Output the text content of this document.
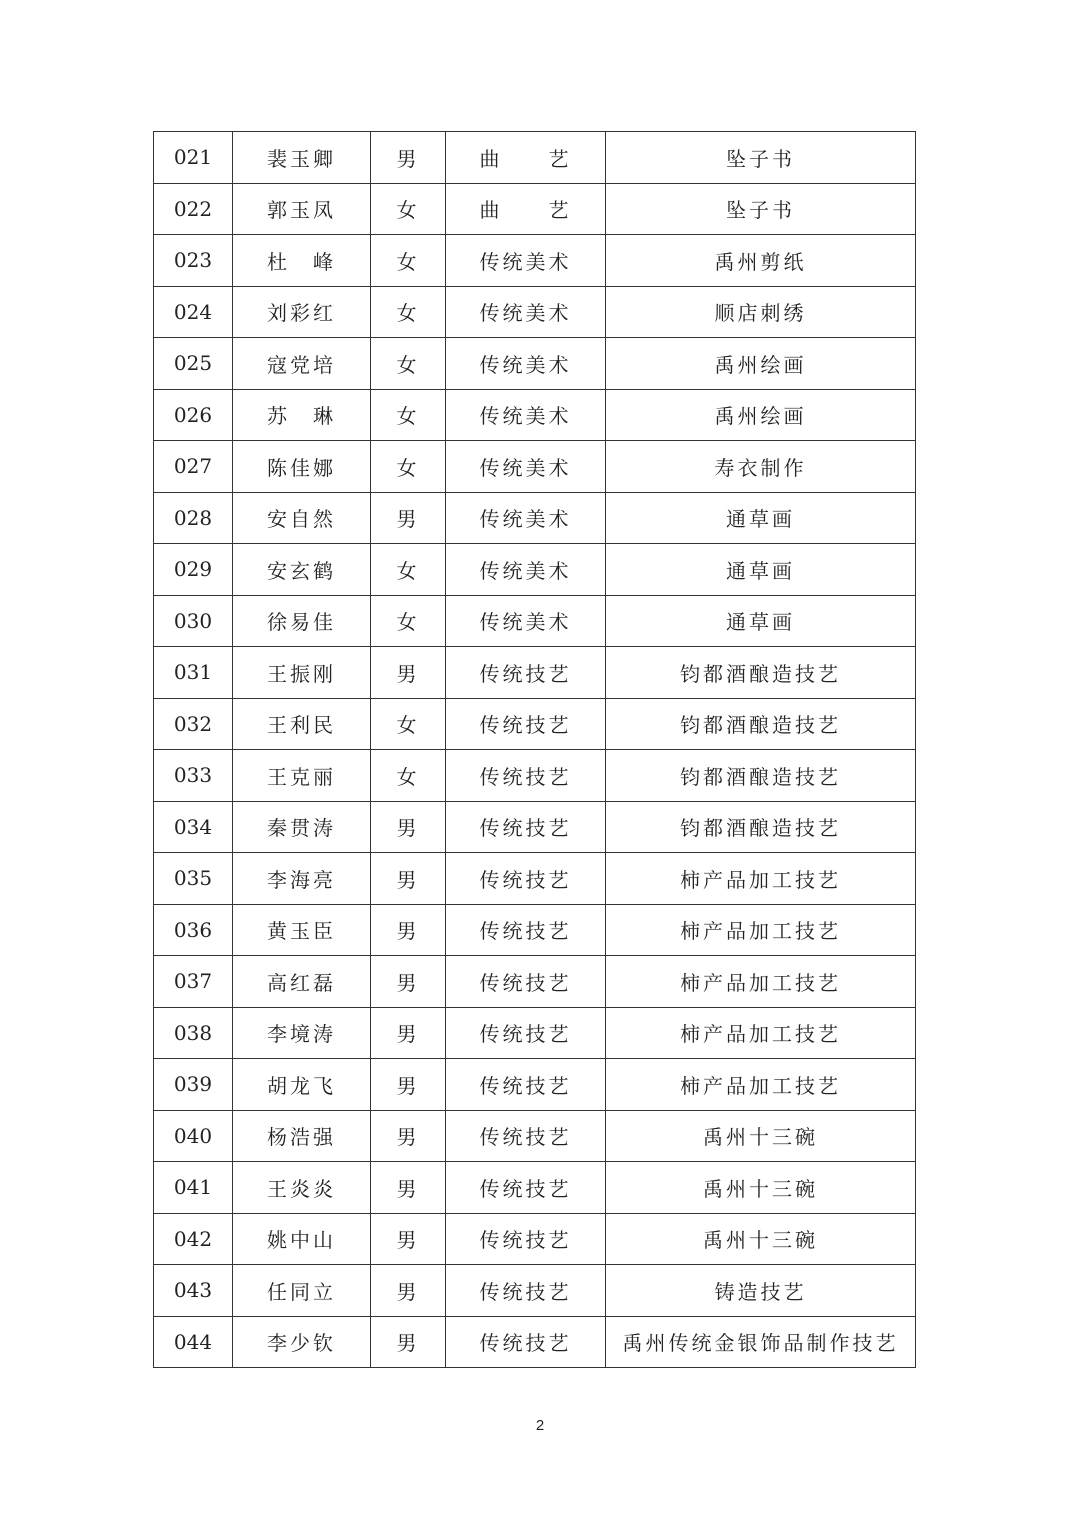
021	裴玉卿	男	曲　　艺	坠子书
022	郭玉凤	女	曲　　艺	坠子书
023	杜　峰	女	传统美术	禹州剪纸
024	刘彩红	女	传统美术	顺店刺绣
025	寇党培	女	传统美术	禹州绘画
026	苏　琳	女	传统美术	禹州绘画
027	陈佳娜	女	传统美术	寿衣制作
028	安自然	男	传统美术	通草画
029	安玄鹤	女	传统美术	通草画
030	徐易佳	女	传统美术	通草画
031	王振刚	男	传统技艺	钧都酒酿造技艺
032	王利民	女	传统技艺	钧都酒酿造技艺
033	王克丽	女	传统技艺	钧都酒酿造技艺
034	秦贯涛	男	传统技艺	钧都酒酿造技艺
035	李海亮	男	传统技艺	柿产品加工技艺
036	黄玉臣	男	传统技艺	柿产品加工技艺
037	高红磊	男	传统技艺	柿产品加工技艺
038	李境涛	男	传统技艺	柿产品加工技艺
039	胡龙飞	男	传统技艺	柿产品加工技艺
040	杨浩强	男	传统技艺	禹州十三碗
041	王炎炎	男	传统技艺	禹州十三碗
042	姚中山	男	传统技艺	禹州十三碗
043	任同立	男	传统技艺	铸造技艺
044	李少钦	男	传统技艺	禹州传统金银饰品制作技艺
2
